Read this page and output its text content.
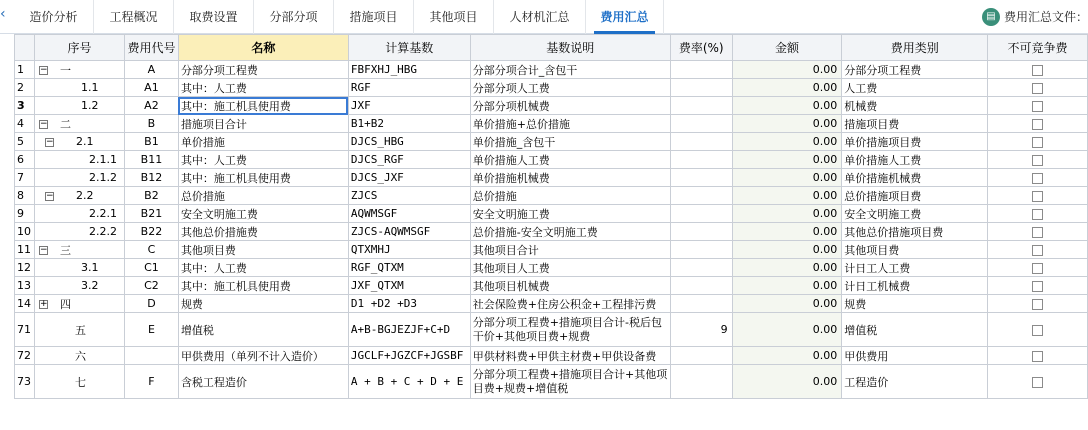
‹	造价分析	工程概况	取费设置	分部分项	措施项目	其他项目	人材机汇总	费用汇总	▤ 费用汇总文件：
	序号	费用代号	名称	计算基数	基数说明	费率(%)	金额	费用类别	不可竞争费
1	− 一	A	分部分项工程费	FBFXHJ_HBG	分部分项合计_含包干		0.00	分部分项工程费	
2	1.1	A1	其中：人工费	RGF	分部分项人工费		0.00	人工费	
3	1.2	A2	其中：施工机具使用费	JXF	分部分项机械费		0.00	机械费	
4	− 二	B	措施项目合计	B1+B2	单价措施+总价措施		0.00	措施项目费	
5	− 2.1	B1	单价措施	DJCS_HBG	单价措施_含包干		0.00	单价措施项目费	
6	2.1.1	B11	其中：人工费	DJCS_RGF	单价措施人工费		0.00	单价措施人工费	
7	2.1.2	B12	其中：施工机具使用费	DJCS_JXF	单价措施机械费		0.00	单价措施机械费	
8	− 2.2	B2	总价措施	ZJCS	总价措施		0.00	总价措施项目费	
9	2.2.1	B21	安全文明施工费	AQWMSGF	安全文明施工费		0.00	安全文明施工费	
10	2.2.2	B22	其他总价措施费	ZJCS-AQWMSGF	总价措施-安全文明施工费		0.00	其他总价措施项目费	
11	− 三	C	其他项目费	QTXMHJ	其他项目合计		0.00	其他项目费	
12	3.1	C1	其中：人工费	RGF_QTXM	其他项目人工费		0.00	计日工人工费	
13	3.2	C2	其中：施工机具使用费	JXF_QTXM	其他项目机械费		0.00	计日工机械费	
14	+ 四	D	规费	D1 +D2 +D3	社会保险费+住房公积金+工程排污费		0.00	规费	
71	五	E	增值税	A+B-BGJEZJF+C+D	分部分项工程费+措施项目合计-税后包干价+其他项目费+规费	9	0.00	增值税	
72	六		甲供费用（单列不计入造价）	JGCLF+JGZCF+JGSBF	甲供材料费+甲供主材费+甲供设备费		0.00	甲供费用	
73	七	F	含税工程造价	A + B + C + D + E	分部分项工程费+措施项目合计+其他项目费+规费+增值税		0.00	工程造价	
